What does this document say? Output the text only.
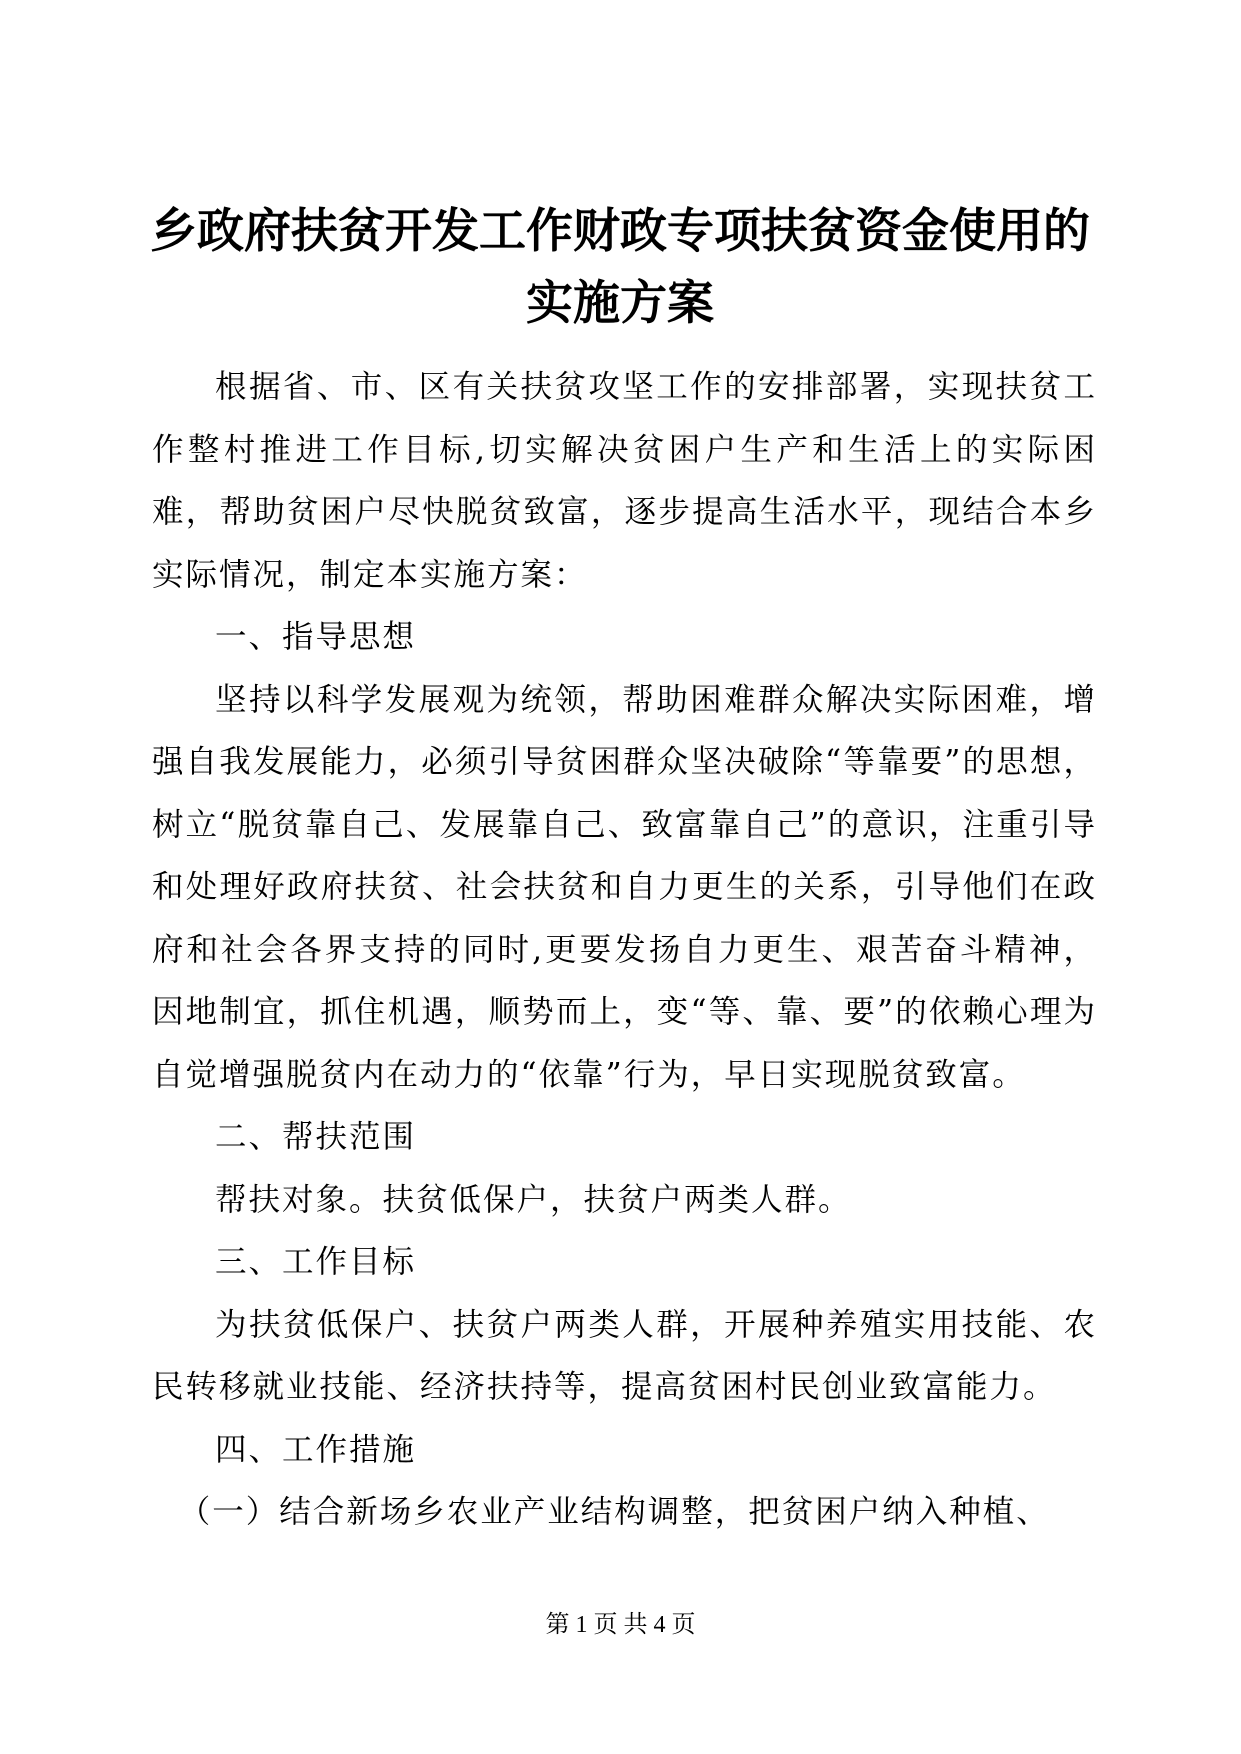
乡政府扶贫开发工作财政专项扶贫资金使用的
实施方案

根据省、市、区有关扶贫攻坚工作的安排部署，实现扶贫工作整村推进工作目标,切实解决贫困户生产和生活上的实际困难，帮助贫困户尽快脱贫致富，逐步提高生活水平，现结合本乡实际情况，制定本实施方案：

一、指导思想

坚持以科学发展观为统领，帮助困难群众解决实际困难，增强自我发展能力，必须引导贫困群众坚决破除“等靠要”的思想，树立“脱贫靠自己、发展靠自己、致富靠自己”的意识，注重引导和处理好政府扶贫、社会扶贫和自力更生的关系，引导他们在政府和社会各界支持的同时,更要发扬自力更生、艰苦奋斗精神，因地制宜，抓住机遇，顺势而上，变“等、靠、要”的依赖心理为自觉增强脱贫内在动力的“依靠”行为，早日实现脱贫致富。

二、帮扶范围

帮扶对象。扶贫低保户，扶贫户两类人群。

三、工作目标

为扶贫低保户、扶贫户两类人群，开展种养殖实用技能、农民转移就业技能、经济扶持等，提高贫困村民创业致富能力。

四、工作措施

（一）结合新场乡农业产业结构调整，把贫困户纳入种植、

第 1 页 共 4 页
